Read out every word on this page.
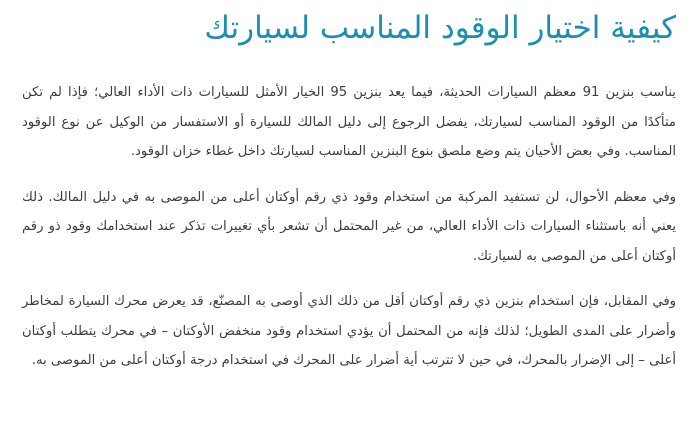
كيفية اختيار الوقود المناسب لسيارتك

يناسب بنزين 91 معظم السيارات الحديثة، فيما يعد بنزين 95 الخيار الأمثل للسيارات ذات الأداء العالي؛ فإذا لم تكن متأكدًا من الوقود المناسب لسيارتك، يفضل الرجوع إلى دليل المالك للسيارة أو الاستفسار من الوكيل عن نوع الوقود المناسب. وفي بعض الأحيان يتم وضع ملصق بنوع البنزين المناسب لسيارتك داخل غطاء خزان الوقود.

وفي معظم الأحوال، لن تستفيد المركبة من استخدام وقود ذي رقم أوكتان أعلى من الموصى به في دليل المالك. ذلك يعني أنه باستثناء السيارات ذات الأداء العالي، من غير المحتمل أن تشعر بأي تغييرات تذكر عند استخدامك وقود ذو رقم أوكتان أعلى من الموصى به لسيارتك.

وفي المقابل، فإن استخدام بنزين ذي رقم أوكتان أقل من ذلك الذي أوصى به المصنّع، قد يعرض محرك السيارة لمخاطر وأضرار على المدى الطويل؛ لذلك فإنه من المحتمل أن يؤدي استخدام وقود منخفض الأوكتان – في محرك يتطلب أوكتان أعلى – إلى الإضرار بالمحرك، في حين لا تترتب أية أضرار على المحرك في استخدام درجة أوكتان أعلى من الموصى به.
